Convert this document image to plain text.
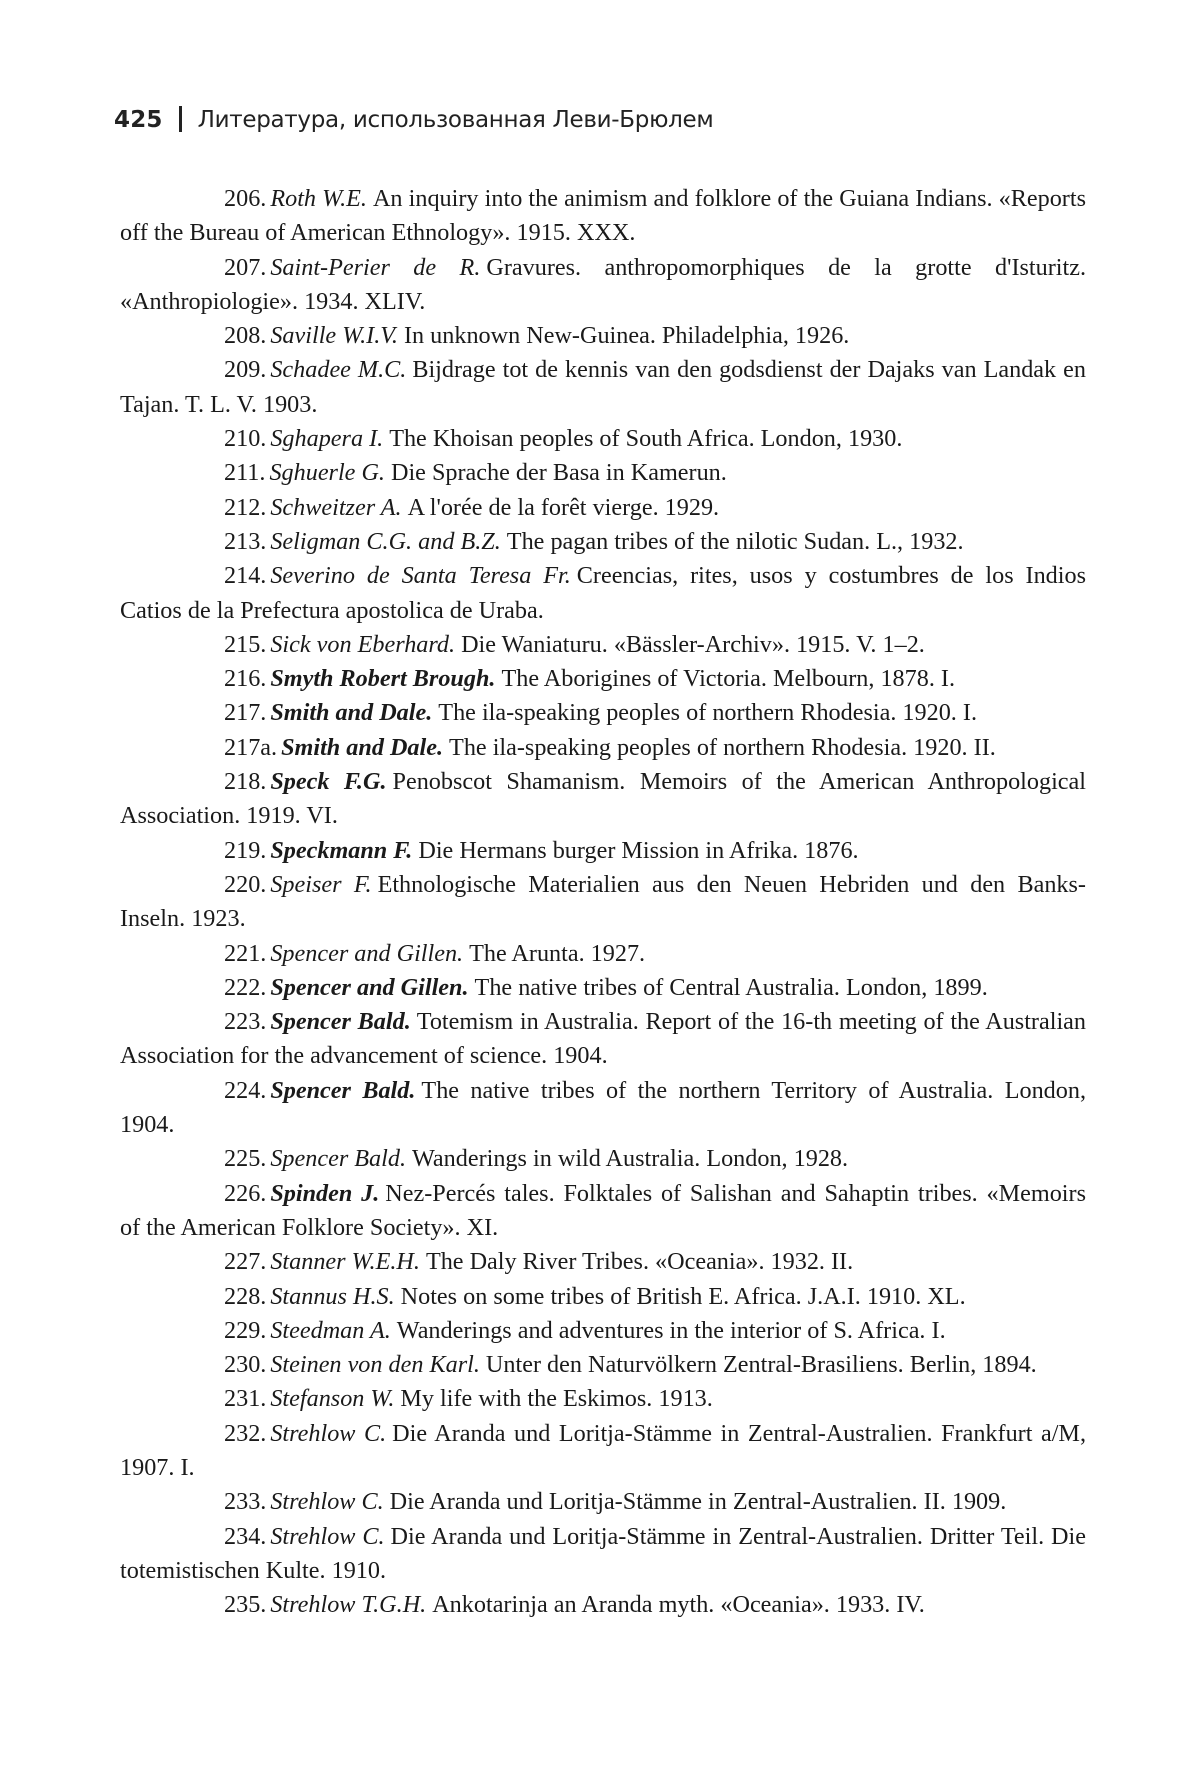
425 Литература, использованная Леви-Брюлем

206. Roth W.E. An inquiry into the animism and folklore of the Guiana Indians. «Reports off the Bureau of American Ethnology». 1915. XXX.

207. Saint-Perier de R. Gravures. anthropomorphiques de la grotte d'Isturitz. «Anthropiologie». 1934. XLIV.

208. Saville W.I.V. In unknown New-Guinea. Philadelphia, 1926.

209. Schadee M.C. Bijdrage tot de kennis van den godsdienst der Dajaks van Landak en Tajan. T. L. V. 1903.

210. Sghapera I. The Khoisan peoples of South Africa. London, 1930.

211. Sghuerle G. Die Sprache der Basa in Kamerun.

212. Schweitzer A. A l'orée de la forêt vierge. 1929.

213. Seligman C.G. and B.Z. The pagan tribes of the nilotic Sudan. L., 1932.

214. Severino de Santa Teresa Fr. Creencias, rites, usos y costumbres de los Indios Catios de la Prefectura apostolica de Uraba.

215. Sick von Eberhard. Die Waniaturu. «Bässler-Archiv». 1915. V. 1–2.

216. Smyth Robert Brough. The Aborigines of Victoria. Melbourn, 1878. I.

217. Smith and Dale. The ila-speaking peoples of northern Rhodesia. 1920. I.

217a. Smith and Dale. The ila-speaking peoples of northern Rhodesia. 1920. II.

218. Speck F.G. Penobscot Shamanism. Memoirs of the American Anthropological Association. 1919. VI.

219. Speckmann F. Die Hermans burger Mission in Afrika. 1876.

220. Speiser F. Ethnologische Materialien aus den Neuen Hebriden und den Banks-Inseln. 1923.

221. Spencer and Gillen. The Arunta. 1927.

222. Spencer and Gillen. The native tribes of Central Australia. London, 1899.

223. Spencer Bald. Totemism in Australia. Report of the 16-th meeting of the Australian Association for the advancement of science. 1904.

224. Spencer Bald. The native tribes of the northern Territory of Australia. London, 1904.

225. Spencer Bald. Wanderings in wild Australia. London, 1928.

226. Spinden J. Nez-Percés tales. Folktales of Salishan and Sahaptin tribes. «Memoirs of the American Folklore Society». XI.

227. Stanner W.E.H. The Daly River Tribes. «Oceania». 1932. II.

228. Stannus H.S. Notes on some tribes of British E. Africa. J.A.I. 1910. XL.

229. Steedman A. Wanderings and adventures in the interior of S. Africa. I.

230. Steinen von den Karl. Unter den Naturvölkern Zentral-Brasiliens. Berlin, 1894.

231. Stefanson W. My life with the Eskimos. 1913.

232. Strehlow C. Die Aranda und Loritja-Stämme in Zentral-Australien. Frankfurt a/M, 1907. I.

233. Strehlow C. Die Aranda und Loritja-Stämme in Zentral-Australien. II. 1909.

234. Strehlow C. Die Aranda und Loritja-Stämme in Zentral-Australien. Dritter Teil. Die totemistischen Kulte. 1910.

235. Strehlow T.G.H. Ankotarinja an Aranda myth. «Oceania». 1933. IV.
